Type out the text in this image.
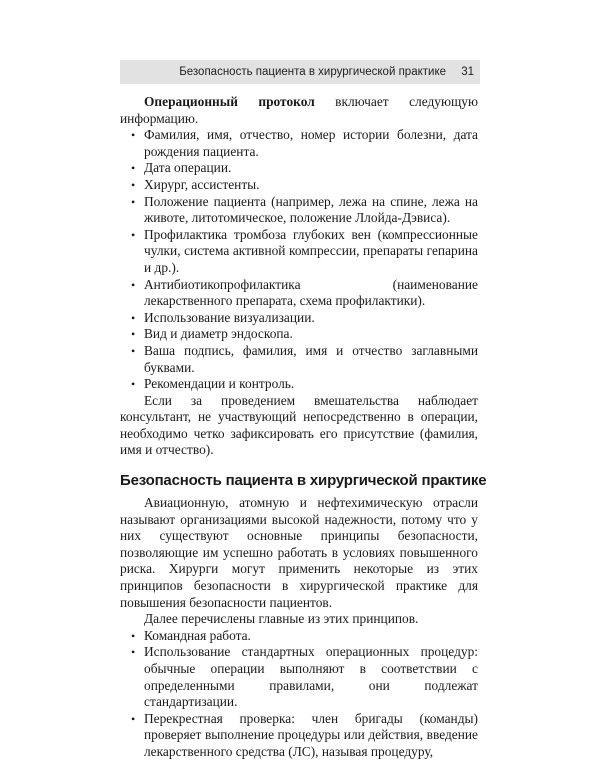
Безопасность пациента в хирургической практике 31

Операционный протокол включает следующую информацию.

• Фамилия, имя, отчество, номер истории болезни, дата рождения пациента.
• Дата операции.
• Хирург, ассистенты.
• Положение пациента (например, лежа на спине, лежа на животе, литотомическое, положение Ллойда-Дэвиса).
• Профилактика тромбоза глубоких вен (компрессионные чулки, система активной компрессии, препараты гепарина и др.).
• Антибиотикопрофилактика (наименование лекарственного препарата, схема профилактики).
• Использование визуализации.
• Вид и диаметр эндоскопа.
• Ваша подпись, фамилия, имя и отчество заглавными буквами.
• Рекомендации и контроль.

Если за проведением вмешательства наблюдает консультант, не участвующий непосредственно в операции, необходимо четко зафиксировать его присутствие (фамилия, имя и отчество).

Безопасность пациента в хирургической практике

Авиационную, атомную и нефтехимическую отрасли называют организациями высокой надежности, потому что у них существуют основные принципы безопасности, позволяющие им успешно работать в условиях повышенного риска. Хирурги могут применить некоторые из этих принципов безопасности в хирургической практике для повышения безопасности пациентов.

Далее перечислены главные из этих принципов.

• Командная работа.
• Использование стандартных операционных процедур: обычные операции выполняют в соответствии с определенными правилами, они подлежат стандартизации.
• Перекрестная проверка: член бригады (команды) проверяет выполнение процедуры или действия, введение лекарственного средства (ЛС), называя процедуру,
